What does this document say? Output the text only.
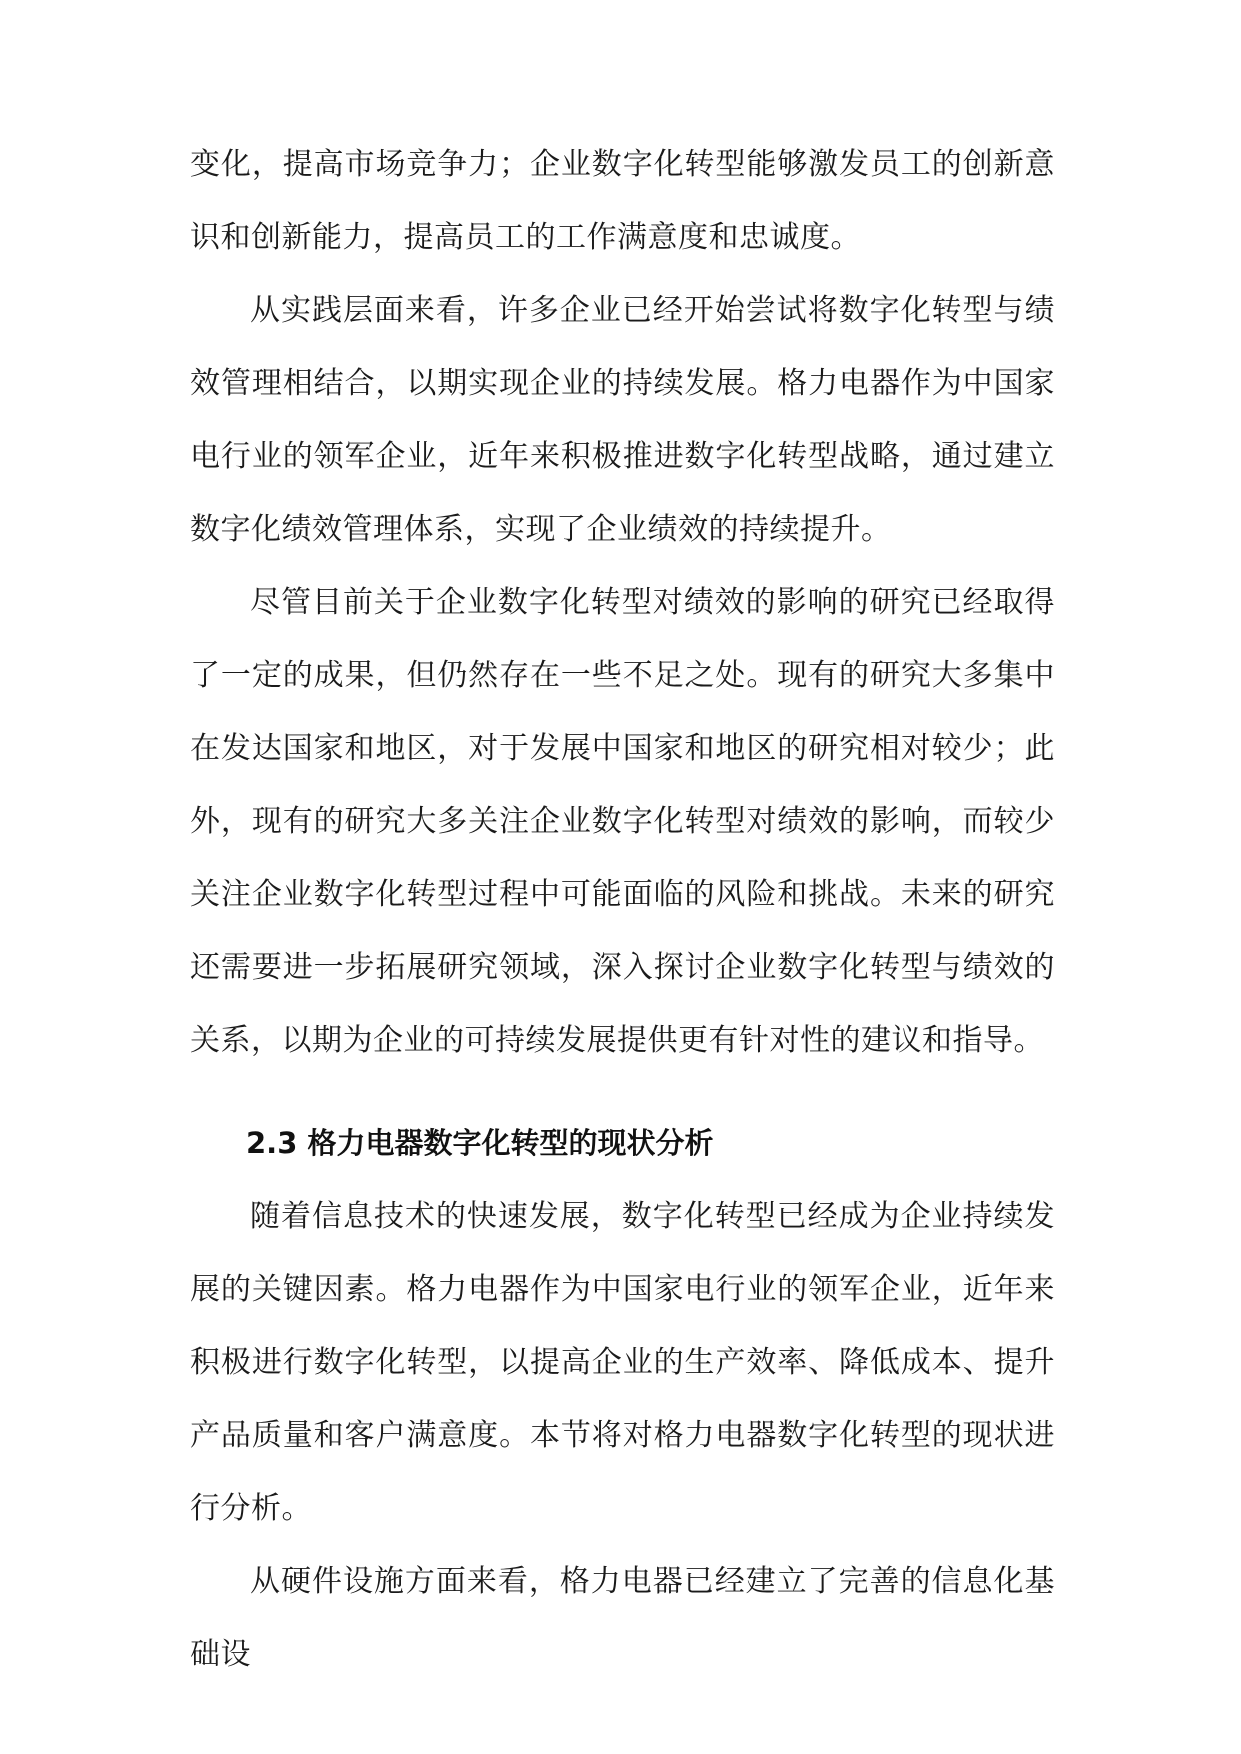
变化，提高市场竞争力；企业数字化转型能够激发员工的创新意识和创新能力，提高员工的工作满意度和忠诚度。

从实践层面来看，许多企业已经开始尝试将数字化转型与绩效管理相结合，以期实现企业的持续发展。格力电器作为中国家电行业的领军企业，近年来积极推进数字化转型战略，通过建立数字化绩效管理体系，实现了企业绩效的持续提升。

尽管目前关于企业数字化转型对绩效的影响的研究已经取得了一定的成果，但仍然存在一些不足之处。现有的研究大多集中在发达国家和地区，对于发展中国家和地区的研究相对较少；此外，现有的研究大多关注企业数字化转型对绩效的影响，而较少关注企业数字化转型过程中可能面临的风险和挑战。未来的研究还需要进一步拓展研究领域，深入探讨企业数字化转型与绩效的关系，以期为企业的可持续发展提供更有针对性的建议和指导。

2.3 格力电器数字化转型的现状分析

随着信息技术的快速发展，数字化转型已经成为企业持续发展的关键因素。格力电器作为中国家电行业的领军企业，近年来积极进行数字化转型，以提高企业的生产效率、降低成本、提升产品质量和客户满意度。本节将对格力电器数字化转型的现状进行分析。

从硬件设施方面来看，格力电器已经建立了完善的信息化基础设
